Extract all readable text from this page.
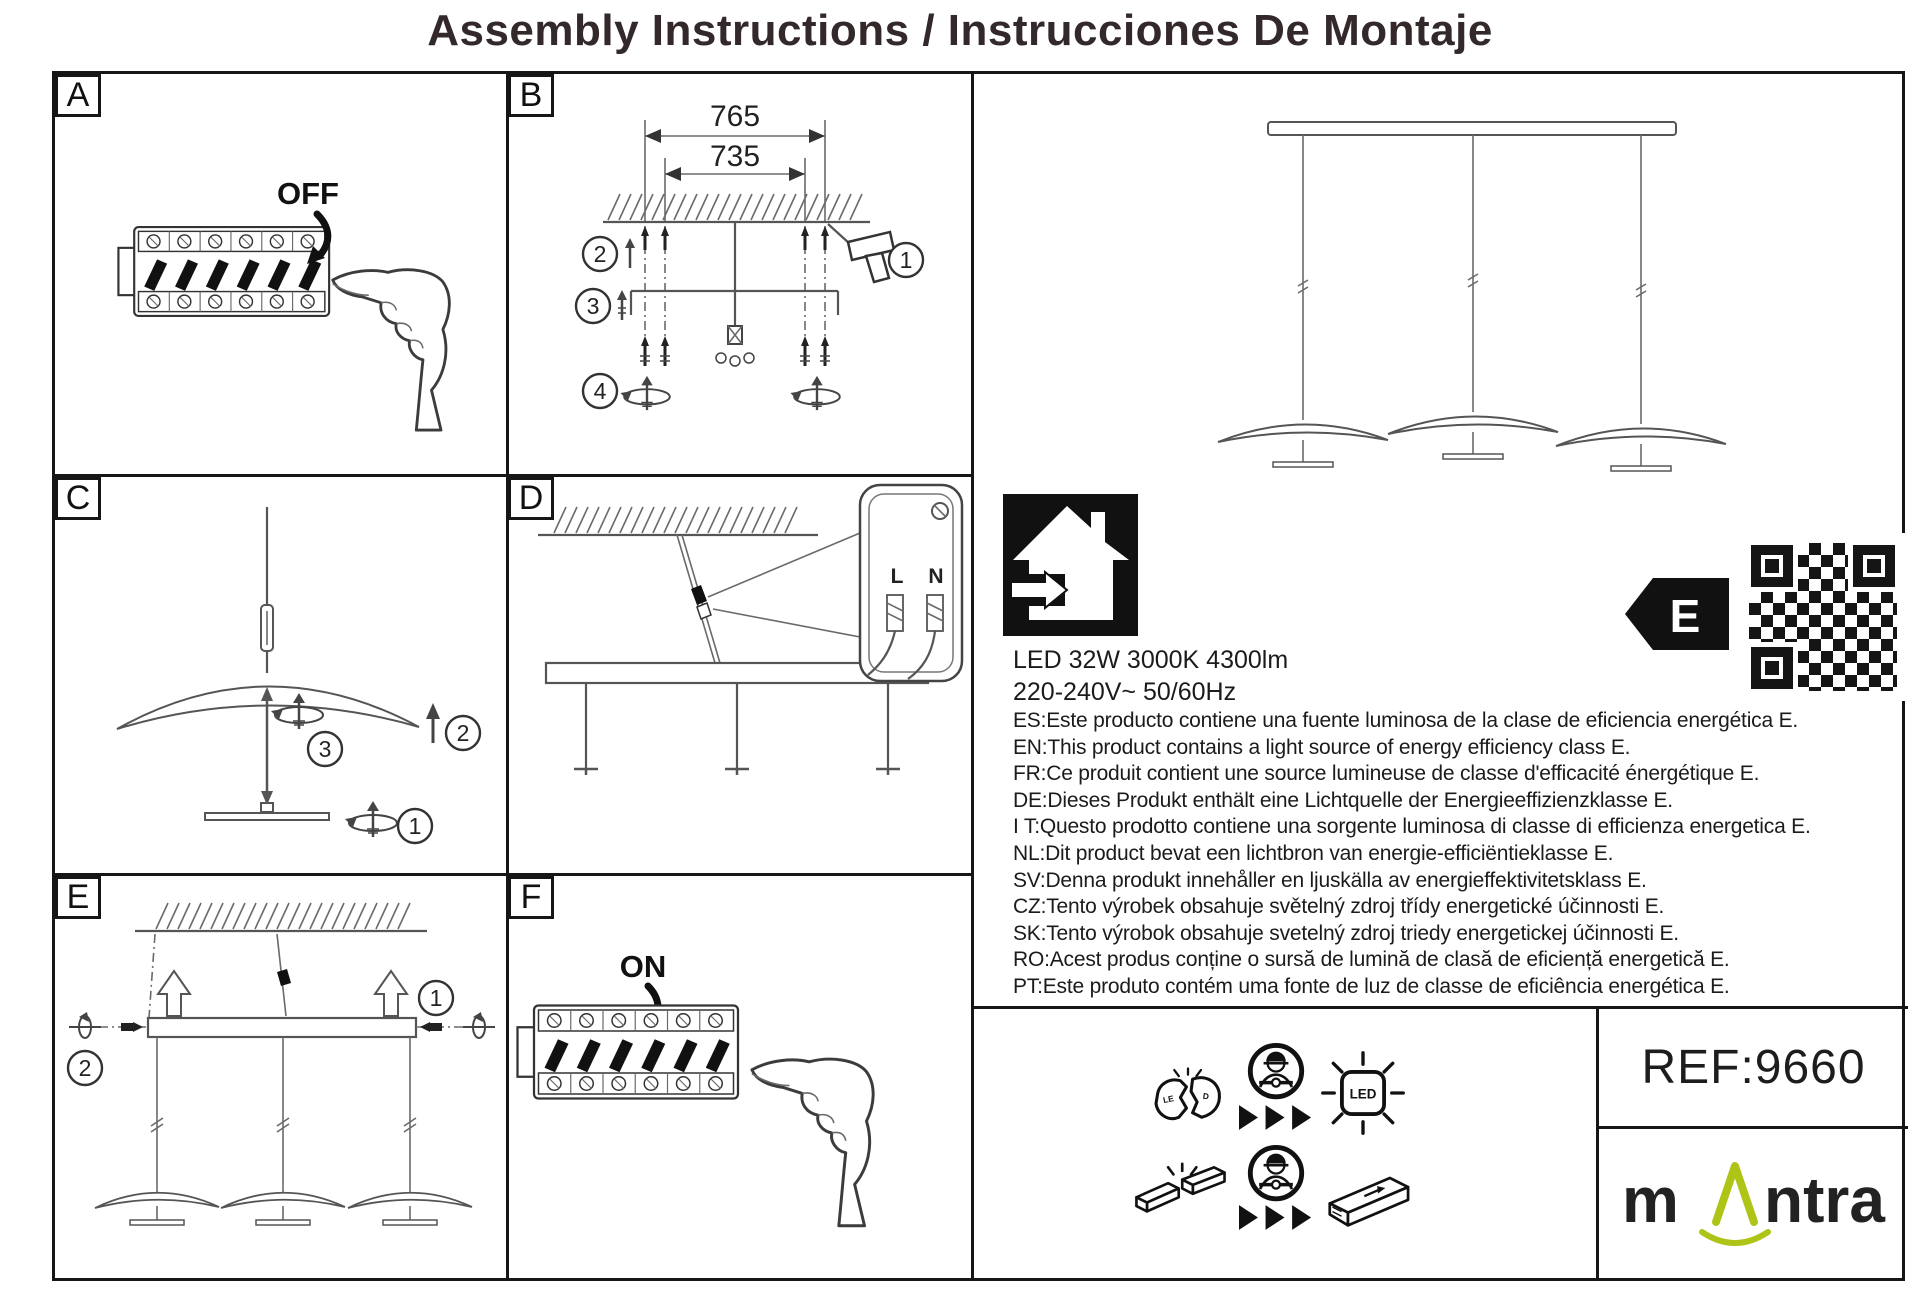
Assembly Instructions / Instrucciones De Montaje
A
OFF
B
765
735
2
3
4
1
C
3
2
1
D
L N
E
1
2
F
ON
LED 32W 3000K 4300lm
220-240V~ 50/60Hz
E
ES:Este producto contiene una fuente luminosa de la clase de eficiencia energética E.
EN:This product contains a light source of energy efficiency class E.
FR:Ce produit contient une source lumineuse de classe d'efficacité énergétique E.
DE:Dieses Produkt enthält eine Lichtquelle der Energieeffizienzklasse E.
I T:Questo prodotto contiene una sorgente luminosa di classe di efficienza energetica E.
NL:Dit product bevat een lichtbron van energie-efficiëntieklasse E.
SV:Denna produkt innehåller en ljuskälla av energieffektivitetsklass E.
CZ:Tento výrobek obsahuje světelný zdroj třídy energetické účinnosti E.
SK:Tento výrobok obsahuje svetelný zdroj triedy energetickej účinnosti E.
RO:Acest produs conține o sursă de lumină de clasă de eficiență energetică E.
PT:Este produto contém uma fonte de luz de classe de eficiência energética E.
REF:9660
m ntra
